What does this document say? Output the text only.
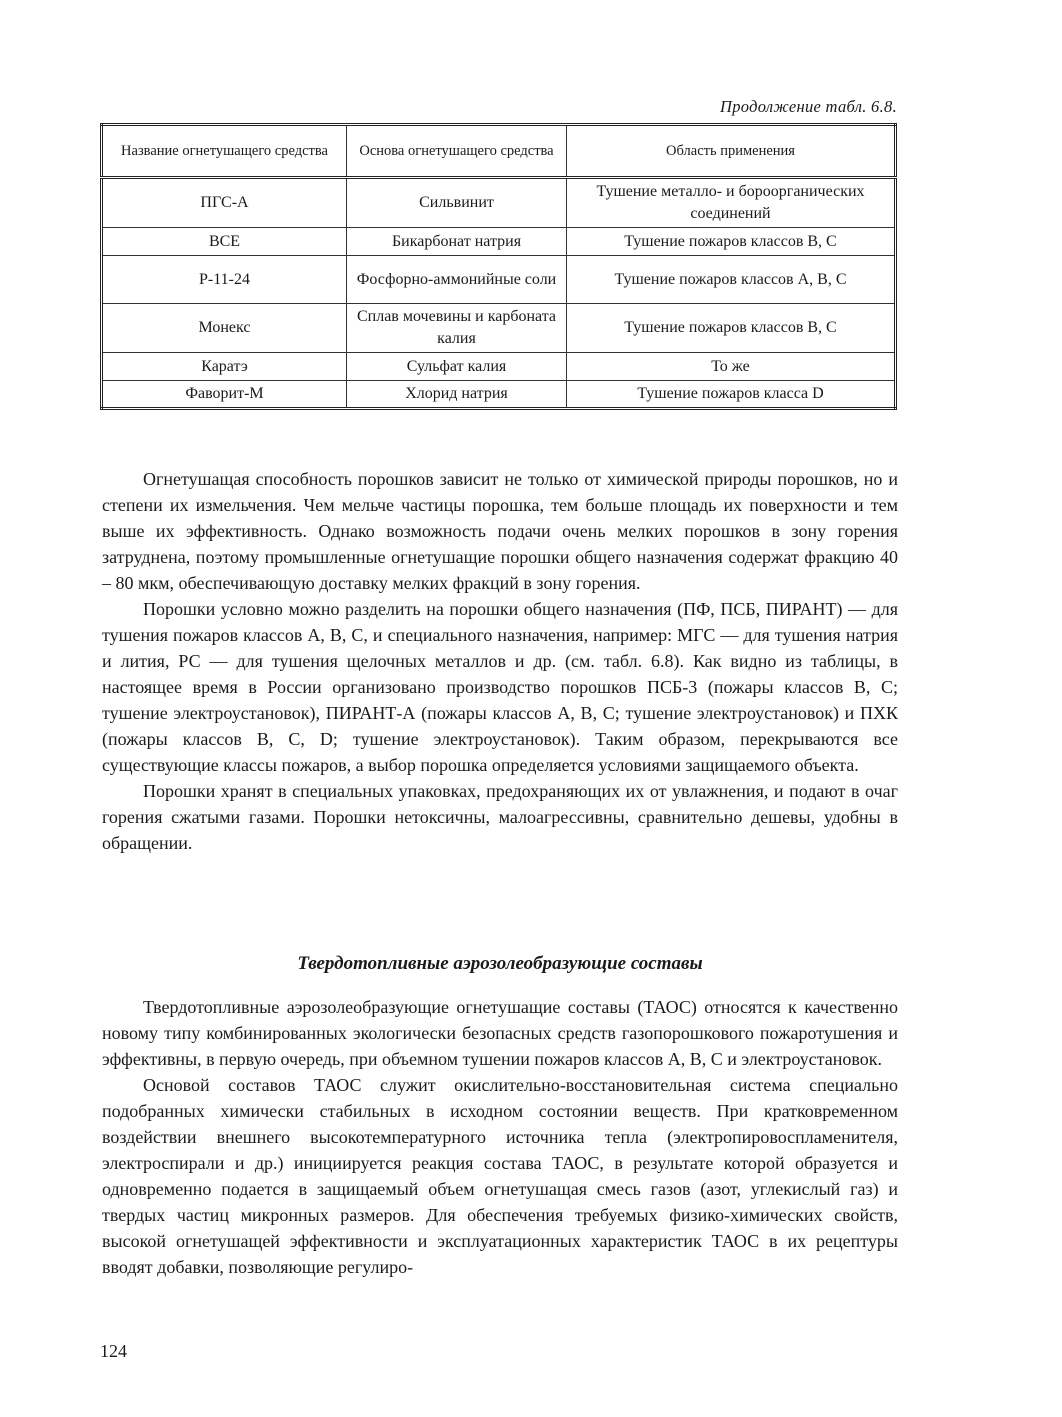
Продолжение табл. 6.8.
Название огнетушащего средства	Основа огнетушащего средства	Область применения
ПГС-А	Сильвинит	Тушение металло- и бороорганических соединений
ВСЕ	Бикарбонат натрия	Тушение пожаров классов В, С
Р-11-24	Фосфорно-аммонийные соли	Тушение пожаров классов А, В, С
Монекс	Сплав мочевины и карбоната калия	Тушение пожаров классов В, С
Каратэ	Сульфат калия	То же
Фаворит-М	Хлорид натрия	Тушение пожаров класса D

Огнетушащая способность порошков зависит не только от химической природы порошков, но и степени их измельчения. Чем мельче частицы порошка, тем больше площадь их поверхности и тем выше их эффективность. Однако возможность подачи очень мелких порошков в зону горения затруднена, поэтому промышленные огнетушащие порошки общего назначения содержат фракцию 40 – 80 мкм, обеспечивающую доставку мелких фракций в зону горения.

Порошки условно можно разделить на порошки общего назначения (ПФ, ПСБ, ПИРАНТ) — для тушения пожаров классов А, В, С, и специального назначения, например: МГС — для тушения натрия и лития, РС — для тушения щелочных металлов и др. (см. табл. 6.8). Как видно из таблицы, в настоящее время в России организовано производство порошков ПСБ-3 (пожары классов В, С; тушение электроустановок), ПИРАНТ-А (пожары классов А, В, С; тушение электроустановок) и ПХК (пожары классов В, С, D; тушение электроустановок). Таким образом, перекрываются все существующие классы пожаров, а выбор порошка определяется условиями защищаемого объекта.

Порошки хранят в специальных упаковках, предохраняющих их от увлажнения, и подают в очаг горения сжатыми газами. Порошки нетоксичны, малоагрессивны, сравнительно дешевы, удобны в обращении.

Твердотопливные аэрозолеобразующие составы

Твердотопливные аэрозолеобразующие огнетушащие составы (ТАОС) относятся к качественно новому типу комбинированных экологически безопасных средств газопорошкового пожаротушения и эффективны, в первую очередь, при объемном тушении пожаров классов А, В, С и электроустановок.

Основой составов ТАОС служит окислительно-восстановительная система специально подобранных химически стабильных в исходном состоянии веществ. При кратковременном воздействии внешнего высокотемпературного источника тепла (электропировоспламенителя, электроспирали и др.) инициируется реакция состава ТАОС, в результате которой образуется и одновременно подается в защищаемый объем огнетушащая смесь газов (азот, углекислый газ) и твердых частиц микронных размеров. Для обеспечения требуемых физико-химических свойств, высокой огнетушащей эффективности и эксплуатационных характеристик ТАОС в их рецептуры вводят добавки, позволяющие регулиро-

124
